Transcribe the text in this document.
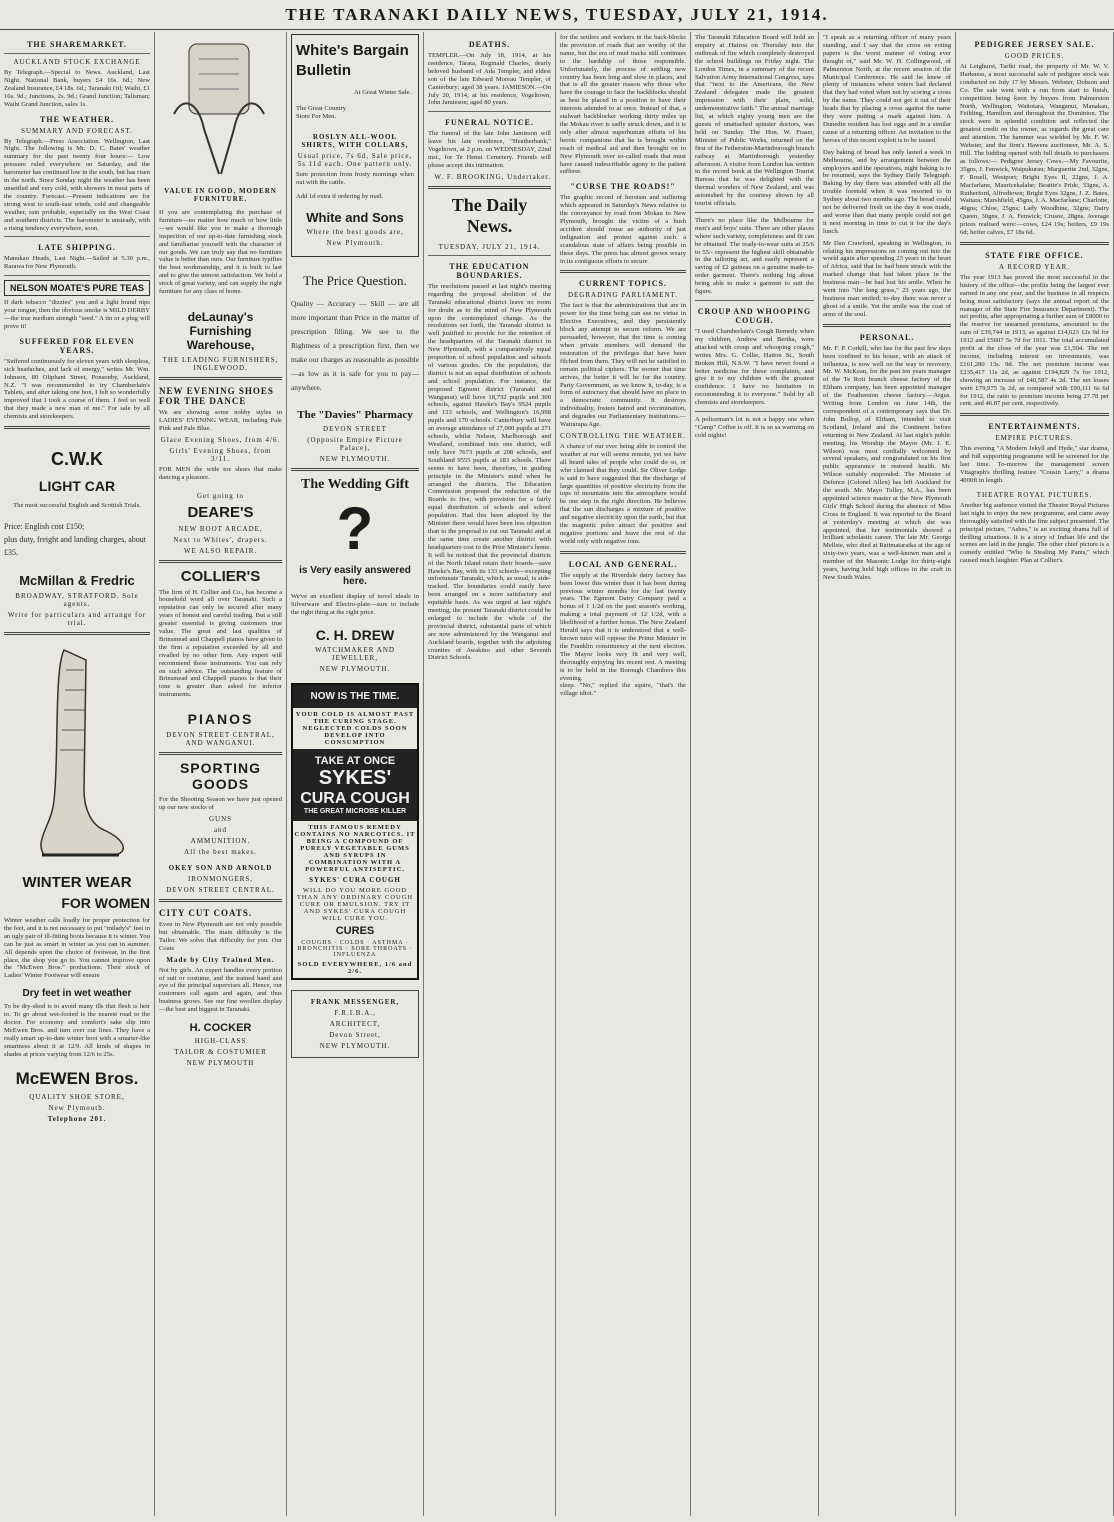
THE TARANAKI DAILY NEWS, TUESDAY, JULY 21, 1914.
THE SHAREMARKET.
AUCKLAND STOCK EXCHANGE

By Telegraph.—Special to News. Auckland, Last Night. National Bank, buyers £4 16s. 6d.; New Zealand Insurance, £4 18s. 6d.; Taranaki Oil; Waihi, £1 16s. 9d.; Junctions, 2s. 9d.; Grand Junction; Talisman; Waihi Grand Junction, sales 1s.

THE WEATHER.
SUMMARY AND FORECAST.

By Telegraph.—Press Association. Wellington, Last Night. The following is Mr. D. C. Bates' weather summary for the past twenty four hours:— Low pressure ruled everywhere on Saturday, and the barometer has continued low in the south, but has risen in the north. Since Sunday night the weather has been unsettled and very cold, with showers in most parts of the country. Forecast.—Present indications are for strong west to south-east winds, cold and changeable weather, rain probable, especially on the West Coast and southern districts. The barometer is unsteady, with a rising tendency everywhere, soon.

LATE SHIPPING.

Manukau Heads, Last Night.—Sailed at 5.30 p.m., Rarawa for New Plymouth.

NELSON MOATE'S PURE TEAS

If dark tobacco "dizzies" you and a light brand nips your tongue, then the obvious smoke is MILD DERBY—the true medium strength "seed." A tin or a plug will prove it!

SUFFERED FOR ELEVEN YEARS.

"Suffered continuously for eleven years with sleepless, sick headaches, and lack of energy," writes Mr. Wm. Johnson, 80 Oliphant Street, Ponsonby, Auckland, N.Z. "I was recommended to try Chamberlain's Tablets, and after taking one box, I felt so wonderfully improved that I took a course of them. I feel so well that they made a new man of me." For sale by all chemists and storekeepers.

C.W.K
LIGHT CAR

The most successful English and Scottish Trials.

Price: English cost £150;

plus duty, freight and landing charges, about

£35.

McMillan & Fredric

BROADWAY, STRATFORD. Sole agents.

Write for particulars and arrange for trial.

WINTER WEAR
FOR WOMEN

Winter weather calls loudly for proper protection for the feet, and it is not necessary to put "milady's" feet in an ugly pair of ill-fitting boots because it is winter. You can be just as smart in winter as you can in summer. All depends upon the choice of footwear, in the first place, the shop you go to. You cannot improve upon the "McEwen Bros." productions. Their stock of Ladies' Winter Footwear will ensure

Dry feet in wet weather

To be dry-shod is to avoid many ills that flesh is heir to. To go about wet-footed is the nearest road to the doctor. For economy and comfort's sake slip into McEwen Bros. and turn over our lines. They have a really smart up-to-date winter boot with a smarter-like smartness about it at 12/9. All kinds of shapes in shades at prices varying from 12/6 to 25s.

McEWEN Bros.

QUALITY SHOE STORE,

New Plymouth.

Telephone 201.

VALUE IN GOOD, MODERN FURNITURE.

If you are contemplating the purchase of furniture—no matter how much or how little—we would like you to make a thorough inspection of our up-to-date furnishing stock and familiarise yourself with the character of our goods. We can truly say that no furniture value is better than ours. Our furniture typifies the best workmanship, and it is built to last and to give the utmost satisfaction. We hold a stock of great variety, and can supply the right furniture for any class of home.

deLaunay's Furnishing Warehouse,
THE LEADING FURNISHERS, INGLEWOOD.
NEW EVENING SHOES FOR THE DANCE

We are showing some nobby styles in LADIES' EVENING WEAR, including Pale Pink and Pale Blue.

Glace Evening Shoes, from 4/6.

Girls' Evening Shoes, from 3/11.

FOR MEN the wide toe shoes that make dancing a pleasure.

Get going to

DEARE'S

NEW BOOT ARCADE,

Next to Whites', drapers.

WE ALSO REPAIR.

COLLIER'S

The firm of H. Collier and Co., has become a household word all over Taranaki. Such a reputation can only be secured after many years of honest and careful trading. But a still greater essential is giving customers true value. The great and last qualities of Brinsmead and Chappell pianos have given to the firm a reputation exceeded by all and rivalled by no other firm. Any expert will recommend these instruments. You can rely on such advice. The outstanding feature of Brinsmead and Chappell pianos is that their tone is greater than asked for inferior instruments.

PIANOS

DEVON STREET CENTRAL, AND WANGANUI.

SPORTING GOODS

For the Shooting Season we have just opened up our new stocks of

GUNS

and

AMMUNITION.

All the best makes.

OKEY SON AND ARNOLD

IRONMONGERS,

DEVON STREET CENTRAL.

CITY CUT COATS.

Even in New Plymouth are not only possible but obtainable. The main difficulty is the Tailor. We solve that difficulty for you. Our Coats

Made by City Trained Men.

Not by girls. An expert handles every portion of suit or costume, and the trained hand and eye of the principal supervises all. Hence, our customers call again and again, and thus business grows. See our fine woollen display—the best and biggest in Taranaki.

H. COCKER

HIGH-CLASS

TAILOR & COSTUMIER

NEW PLYMOUTH

White's Bargain Bulletin

At Great Winter Sale.

The Great Country Store For Men.

ROSLYN ALL-WOOL SHIRTS, WITH COLLARS,

Usual price, 7s 6d, Sale price, 5s 11d each. One pattern only.

Sure protection from frosty mornings when out with the cattle.

Add 1d extra if ordering by mail.

White and Sons

Where the best goods are,

New Plymouth.

The Price Question.

Quality — Accuracy — Skill — are all more important than Price in the matter of prescription filling. We see to the Rightness of a prescription first, then we make our charges as reasonable as possible—as low as it is safe for you to pay—anywhere.

The "Davies" Pharmacy

DEVON STREET

(Opposite Empire Picture Palace),

NEW PLYMOUTH.

The Wedding Gift
?
is Very easily answered here.

We've an excellent display of novel ideals in Silverware and Electro-plate—sure to include the right thing at the right price.

C. H. DREW

WATCHMAKER AND JEWELLER,

NEW PLYMOUTH.

NOW IS THE TIME.

YOUR COLD IS ALMOST PAST THE CURING STAGE. NEGLECTED COLDS SOON DEVELOP INTO CONSUMPTION

TAKE AT ONCE
SYKES'
CURA COUGH
THE GREAT MICROBE KILLER

THIS FAMOUS REMEDY CONTAINS NO NARCOTICS. IT BEING A COMPOUND OF PURELY VEGETABLE GUMS AND SYRUPS IN COMBINATION WITH A POWERFUL ANTISEPTIC.

SYKES' CURA COUGH

WILL DO YOU MORE GOOD THAN ANY ORDINARY COUGH CURE OR EMULSION. TRY IT AND SYKES' CURA COUGH WILL CURE YOU.

CURES

COUGHS · COLDS · ASTHMA · BRONCHITIS · SORE THROATS · INFLUENZA

SOLD EVERYWHERE, 1/6 and 2/6.

FRANK MESSENGER,

F.R.I.B.A.,

ARCHITECT,

Devon Street,

NEW PLYMOUTH.

DEATHS.

TEMPLER.—On July 18, 1914, at his residence, Tarata, Reginald Charles, dearly beloved husband of Ada Templer, and eldest son of the late Edward Moreau Templer, of Canterbury; aged 38 years. JAMIESON.—On July 20, 1914, at his residence, Vogeltown, John Jamieson; aged 80 years.

FUNERAL NOTICE.

The funeral of the late John Jamieson will leave his late residence, "Heatherbank," Vogeltown, at 2 p.m. on WEDNESDAY, 22nd inst., for Te Henui Cemetery. Friends will please accept this intimation.

W. F. BROOKING, Undertaker.

The Daily News.

TUESDAY, JULY 21, 1914.

THE EDUCATION BOUNDARIES.

The resolutions passed at last night's meeting regarding the proposal abolition of the Taranaki educational district leave no room for doubt as to the mind of New Plymouth upon the contemplated change. As the resolutions set forth, the Taranaki district is well justified to provide for the retention of the headquarters of the Taranaki district in New Plymouth, with a comparatively equal proportion of school population and schools of various grades. On the population, the district is not an equal distribution of schools and school population. For instance, the proposed Egmont district (Taranaki and Wanganui) will have 18,732 pupils and 300 schools, against Hawke's Bay's 9524 pupils and 133 schools, and Wellington's 16,998 pupils and 170 schools. Canterbury will have an average attendance of 27,000 pupils at 271 schools, whilst Nelson, Marlborough and Westland, combined into one district, will only have 7673 pupils at 208 schools, and Southland 9555 pupils at 183 schools. There seems to have been, therefore, in guiding principle in the Minister's mind when he arranged the districts. The Education Commission proposed the reduction of the Boards to five, with provision for a fairly equal distribution of schools and school population. Had this been adopted by the Minister there would have been less objection than to the proposal to cut out Taranaki and at the same time create another district with headquarters cost to the Prior Minister's home. It will be noticed that the provincial districts of the North Island retain their boards—save Hawke's Bay, with its 133 schools—excepting unfortunate Taranaki, which, as usual, is side-tracked. The boundaries could easily have been arranged on a more satisfactory and equitable basis. As was urged at last night's meeting, the present Taranaki district could be enlarged to include the whole of the provincial district, substantial parts of which are now administered by the Wanganui and Auckland boards, together with the adjoining counties of Awakino and other Seventh District Schools.

for the settlers and workers in the back-blocks the provision of roads that are worthy of the name, but the era of mud tracks still continues to the hardship of those responsible. Unfortunately, the process of settling new country has been long and slow in places, and that is all the greater reason why those who have the courage to face the backblocks should as best be placed in a position to have their interests attended to at once. Instead of that, a stalwart backblocker working thirty miles up the Mokau river is sadly struck down, and it is only after almost superhuman efforts of his heroic companions that he is brought within reach of medical aid and then brought on to New Plymouth over so-called roads that must have caused indescribable agony to the patient sufferer.

"CURSE THE ROADS!"

The graphic record of heroism and suffering which appeared in Saturday's News relative to the conveyance by road from Mokau to New Plymouth, brought the victim of a bush accident should rouse an authority of just indignation and protest against such a scandalous state of affairs being possible in these days. The press has almost grown weary in its contiguous efforts to secure

CURRENT TOPICS.
DEGRADING PARLIAMENT.

The fact is that the administrations that are in power for the time being can see no virtue in Elective Executives, and they persistently block any attempt to secure reform. We are persuaded, however, that the time is coming when private members will demand the restoration of the privileges that have been filched from them. They will not be satisfied to remain political ciphers. The sooner that time arrives, the better it will be for the country. Party Government, as we know it, to-day, is a form of autocracy that should have no place in a democratic community. It destroys individuality, fosters hatred and recrimination, and degrades our Parliamentary institutions.—Wairarapa Age.

CONTROLLING THE WEATHER.

A chance of our ever being able to control the weather at our will seems remote, yet we have all heard tales of people who could do so, or who claimed that they could. Sir Oliver Lodge is said to have suggested that the discharge of large quantities of positive electricity from the tops of mountains into the atmosphere would be one step in the right direction. He believes that the sun discharges a mixture of positive and negative electricity upon the earth, but that the magnetic poles attract the positive and negative portions and leave the rest of the world only with negative ions.

LOCAL AND GENERAL.

The supply at the Riverdale dairy factory has been lower this winter than it has been during previous winter months for the last twenty years. The Egmont Dairy Company paid a bonus of 1 1/2d on the past season's working, making a total payment of 12 1/2d, with a likelihood of a further bonus. The New Zealand Herald says that it is understood that a well-known tutor will oppose the Prime Minister in the Franklin constituency at the next election. The Mayor looks very fit and very well, thoroughly enjoying his recent rest. A meeting is to be held in the Borough Chambers this evening.

sleep. "No," replied the squire, "that's the village idiot."

The Taranaki Education Board will hold an enquiry at Huiroa on Thursday into the outbreak of fire which completely destroyed the school buildings on Friday night. The London Times, in a summary of the recent Salvation Army International Congress, says that "next to the Americans, the New Zealand delegates made the greatest impression with their plain, solid, undemonstrative faith." The annual marriage list, at which eighty young men are the guests of unattached spinster doctors, was held on Sunday. The Hon. W. Fraser, Minister of Public Works, returned on the first of the Fetherston-Martinborough branch railway at Martinborough yesterday afternoon. A visitor from London has written in the record book at the Wellington Tourist Bureau that he was delighted with the thermal wonders of New Zealand, and was astonished by the courtesy shown by all tourist officials.

There's no place like the Melbourne for men's and boys' suits. There are other places where such variety, completeness and fit can be obtained. The ready-to-wear suits at 25/6 to 55/- represent the highest skill obtainable in the tailoring art, and easily represent a saving of £2 guineas on a genuine made-to-order garment. There's nothing big about being able to make a garment to suit the figure.

CROUP AND WHOOPING COUGH.

"I used Chamberlain's Cough Remedy when my children, Andrew and Bertha, were attacked with croup and whooping cough," writes Mrs. G. Collie, Hatton St., South Broken Hill, N.S.W. "I have never found a better medicine for these complaints, and give it to my children with the greatest confidence. I have no hesitation in recommending it to everyone." Sold by all chemists and storekeepers.

A policeman's lot is not a happy one when "Camp" Coffee is off. It is so sa warming on cold nights!

"I speak as a returning officer of many years standing, and I say that the cross on voting papers is the worst manner of voting ever thought of," said Mr. W. H. Collingwood, of Palmerston North, at the recent session of the Municipal Conference. He said he knew of plenty of instances where voters had declared that they had voted when not by scoring a cross by the name. They could not get it out of their heads that by placing a cross against the name they were putting a mark against him. A Dunedin resident has lost eggs and in a similar cause of a returning officer. An invitation to the heroes of this recent exploit is to be issued.

Day baking of bread has only lasted a week in Melbourne, and by arrangement between the employers and the operatives, night baking is to be resumed, says the Sydney Daily Telegraph. Baking by day there was attended with all the trouble foretold when it was resorted to in Sydney about two months ago. The bread could not be delivered fresh on the day it was made, and worse than that many people could not get it next morning in time to cut it for the day's lunch.

Mr Dan Crawford, speaking in Wellington, in relating his impressions on coming out into the world again after spending 23 years in the heart of Africa, said that he had been struck with the marked change that had taken place in the business man—he had lost his smile. When he went into "the long grass," 23 years ago, the business man smiled; to-day there was never a ghost of a smile. Yet the smile was the coat of arms of the soul.

PERSONAL.

Mr. F. P. Corkill, who has for the past few days been confined to his house, with an attack of influenza, is now well on the way to recovery. Mr. W. McKean, for the past ten years manager of the Te Roti branch cheese factory of the Eltham company, has been appointed manager of the Featherston cheese factory.—Argus. Writing from London on June 14th, the correspondent of a contemporary says that Dr. John Bollop, of Eltham, intended to visit Scotland, Ireland and the Continent before returning to New Zealand. At last night's public meeting, his Worship the Mayor (Mr. J. E. Wilson) was most cordially welcomed by several speakers, and congratulated on his first public appearance in restored health. Mr. Wilson suitably responded. The Minister of Defence (Colonel Allen) has left Auckland for the south. Mr. Mayo Tolley, M.A., has been appointed science master at the New Plymouth Girls' High School during the absence of Miss Cross in England. It was reported to the Board at yesterday's meeting at which she was appointed, that her testimonials showed a brilliant scholastic career. The late Mr. George Mellsie, who died at Ratimataraika at the age of sixty-two years, was a well-known man and a member of the Masonic Lodge for thirty-eight years, having held high offices in the craft in New South Wales.

PEDIGREE JERSEY SALE.
GOOD PRICES.

At Leighurst, Tariki road, the property of Mr. W. V. Harkness, a most successful sale of pedigree stock was conducted on July 17 by Messrs. Webster, Dobson and Co. The sale went with a run from start to finish, competition being keen by buyers from Palmerston North, Wellington, Waitotara, Wanganui, Manakau, Feilding, Hamilton and throughout the Dominion. The stock were in splendid condition and reflected the greatest credit on the owner, as regards the great care and attention. The hammer was wielded by Mr. F. W. Webster, and the firm's Hawera auctioneer, Mr. A. S. Hill. The bidding opened with full details to purchasers as follows:— Pedigree Jersey Cows.—My Favourite, 35gns, J. Fenwick, Waipukurau; Marguerite 2nd, 32gns, F. Rosell, Westport; Bright Eyes II, 22gns, J. A. Macfarlane, Mauricekalahe; Beattie's Pride, 33gns, A. Rutherford, Alfredtown; Bright Eyes 32gns, J. Z. Bates, Waitara; Marshfield, 45gns, J. A. Macfarlane; Charlotte, 40gns; Chloe, 25gns; Lady Woodbine, 32gns; Dairy Queen, 30gns, J. A. Fenwick; Crusoe, 28gns. Average prices realised were:—cows, £24 19s; heifers, £9 19s 6d; heifer calves, £7 18s 6d.

STATE FIRE OFFICE.
A RECORD YEAR.

The year 1913 has proved the most successful in the history of the office—the profits being the largest ever earned in any one year, and the business in all respects being most satisfactory (says the annual report of the manager of the State Fire Insurance Department). The net profits, after appropriating a further sum of £8000 to the reserve for unearned premiums, amounted to the sum of £39,744 in 1913, as against £14,623 12s 9d for 1912 and £5607 5s 7d for 1911. The total accumulated profit at the close of the year was £1,504. The net income, including interest on investments, was £161,280 13s. 9d. The net premium income was £235,417 11s 2d, as against £194,829 7s for 1912, showing an increase of £40,587 4s 2d. The net losses were £79,975 3s 2d, as compared with £99,111 6s 6d for 1912, the ratio to premium income being 27.78 per cent. and 46.87 per cent. respectively.

ENTERTAINMENTS.
EMPIRE PICTURES.

This evening "A Modern Jekyll and Hyde," star drama, and full supporting programme will be screened for the last time. To-morrow the management screen Vitagraph's thrilling feature "Cousin Larry," a drama 4000ft in length.

THEATRE ROYAL PICTURES.

Another big audience visited the Theatre Royal Pictures last night to enjoy the new programme, and came away thoroughly satisfied with the fine subject presented. The principal picture, "Ashes," is an exciting drama full of thrilling situations. It is a story of Indian life and the scenes are laid in the jungle. The other chief picture is a comedy entitled "Who Is Stealing My Pants," which caused much laughter. Plan at Collier's.
